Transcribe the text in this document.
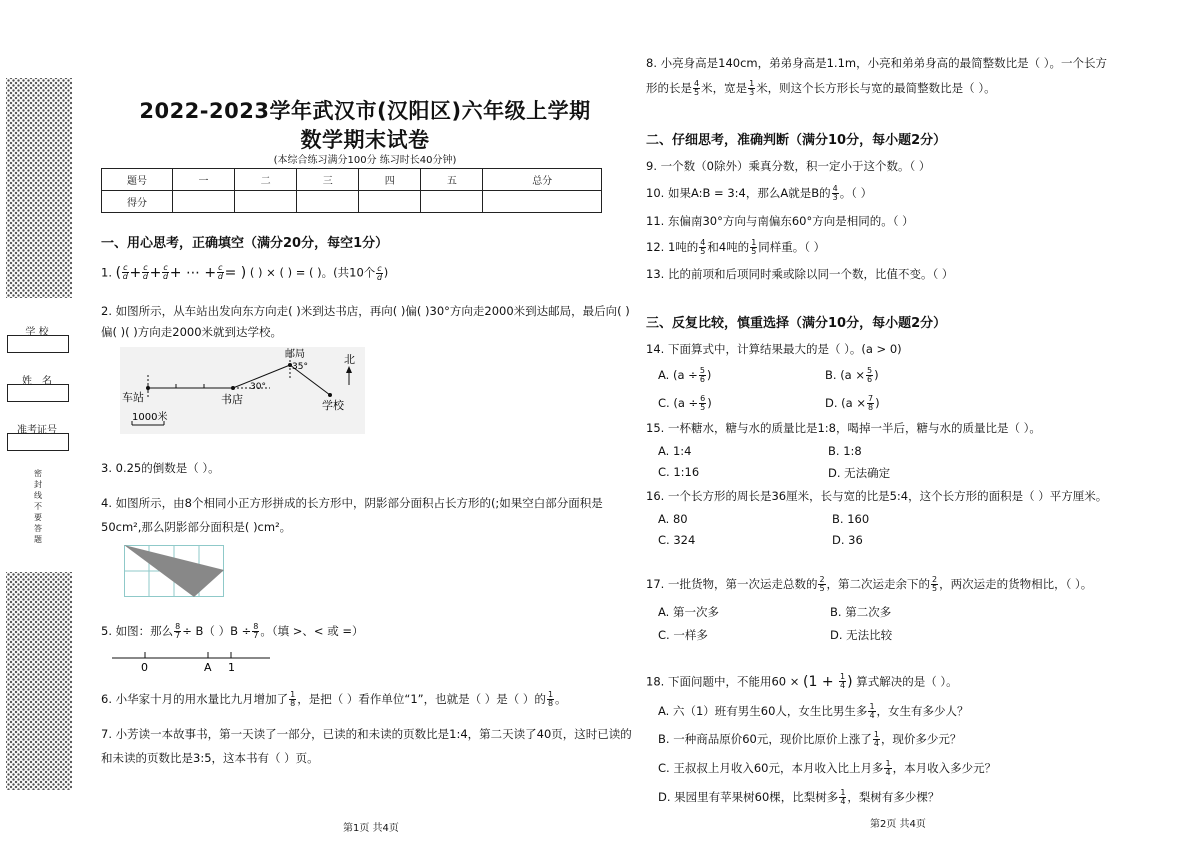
学 校
姓　名
准考证号
密封线不要答题
2022-2023学年武汉市(汉阳区)六年级上学期
数学期末试卷
(本综合练习满分100分 练习时长40分钟)
题号	一	二	三	四	五	总分
得分						
一、用心思考，正确填空（满分20分，每空1分）
1. ( $\frac{c}{d} + \frac{c}{d} + \frac{c}{d}$ + ⋯ + $\frac{c}{d}$ = ) ( ) × ( ) = ( )。(共10个 $\frac{c}{d}$ )
2. 如图所示，从车站出发向东方向走( )米到达书店，再向( )偏( )30°方向走2000米到达邮局，最后向( )偏( )( )方向走2000米就到达学校。
邮局
35°
30°
车站	书店	学校
北
1000米
3. 0.25的倒数是（ ）。
4. 如图所示，由8个相同小正方形拼成的长方形中，阴影部分面积占长方形的(;如果空白部分面积是50cm²,那么阴影部分面积是( )cm²。
5. 如图：那么 $\frac{8}{7} \div B$（ ）$B \div \frac{8}{7}$ 。（填 >、< 或 =）
0	A 1
6. 小华家十月的用水量比九月增加了 $\frac{1}{8}$ ，是把（ ）看作单位“1”，也就是（ ）是（ ）的 $\frac{1}{8}$ 。
7. 小芳读一本故事书，第一天读了一部分，已读的和未读的页数比是1:4，第二天读了40页，这时已读的和未读的页数比是3:5，这本书有（ ）页。
第1页 共4页
8. 小亮身高是140cm，弟弟身高是1.1m，小亮和弟弟身高的最简整数比是（ ）。一个长方
形的长是 $\frac{4}{5}$ 米，宽是 $\frac{1}{3}$ 米，则这个长方形长与宽的最简整数比是（ ）。
二、仔细思考，准确判断（满分10分，每小题2分）
9. 一个数（0除外）乘真分数，积一定小于这个数。（ ）
10. 如果A:B = 3:4，那么A就是B的 $\frac{4}{3}$ 。（ ）
11. 东偏南30°方向与南偏东60°方向是相同的。（ ）
12. 1吨的 $\frac{4}{5}$ 和4吨的 $\frac{1}{5}$ 同样重。（ ）
13. 比的前项和后项同时乘或除以同一个数，比值不变。（ ）
三、反复比较，慎重选择（满分10分，每小题2分）
14. 下面算式中，计算结果最大的是（ ）。(a > 0)
A. ($a \div \frac{5}{6}$ )	B. ($a \times \frac{5}{6}$ )
C. ($a \div \frac{6}{5}$ )	D. ($a \times \frac{7}{8}$ )
15. 一杯糖水，糖与水的质量比是1:8，喝掉一半后，糖与水的质量比是（ ）。
A. 1:4	B. 1:8
C. 1:16	D. 无法确定
16. 一个长方形的周长是36厘米，长与宽的比是5:4，这个长方形的面积是（ ）平方厘米。
A. 80	B. 160
C. 324	D. 36
17. 一批货物，第一次运走总数的 $\frac{2}{5}$ ，第二次运走余下的 $\frac{2}{5}$ ，两次运走的货物相比，（ ）。
A. 第一次多	B. 第二次多
C. 一样多	D. 无法比较
18. 下面问题中，不能用$60 \times (1 + \frac{1}{4}$ ) 算式解决的是（ ）。
A. 六（1）班有男生60人，女生比男生多 $\frac{1}{4}$ ，女生有多少人？
B. 一种商品原价60元，现价比原价上涨了 $\frac{1}{4}$ ，现价多少元？
C. 王叔叔上月收入60元，本月收入比上月多 $\frac{1}{4}$ ，本月收入多少元？
D. 果园里有苹果树60棵，比梨树多 $\frac{1}{4}$ ，梨树有多少棵？
第2页 共4页
